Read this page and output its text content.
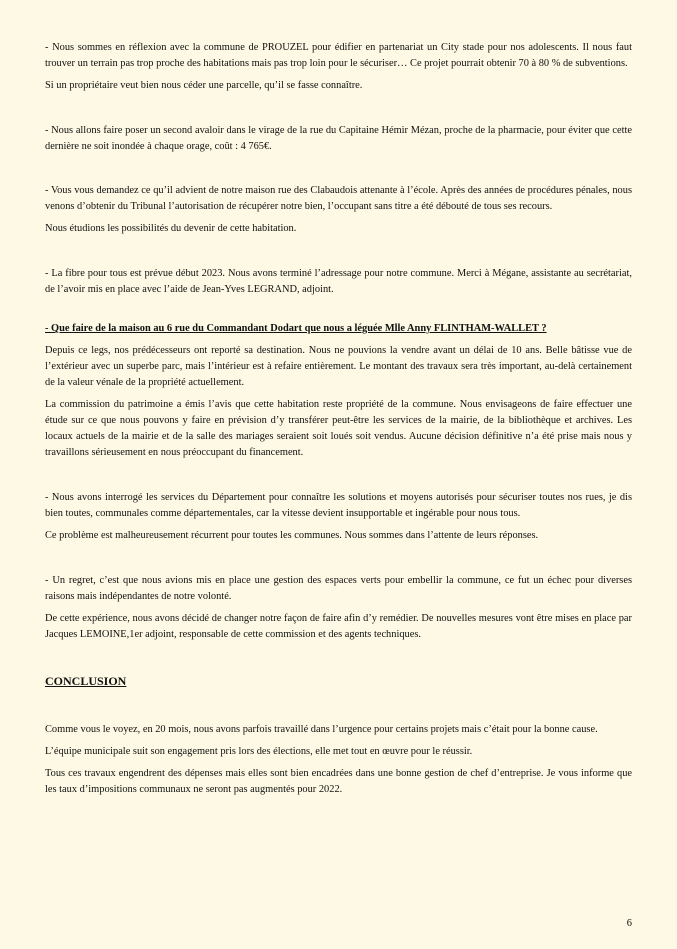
- Nous sommes en réflexion avec la commune de PROUZEL pour édifier en partenariat un City stade pour nos adolescents. Il nous faut trouver un terrain pas trop proche des habitations mais pas trop loin pour le sécuriser… Ce projet pourrait obtenir 70 à 80 % de subventions.

Si un propriétaire veut bien nous céder une parcelle, qu’il se fasse connaître.

- Nous allons faire poser un second avaloir dans le virage de la rue du Capitaine Hémir Mézan, proche de la pharmacie, pour éviter que cette dernière ne soit inondée à chaque orage, coût : 4 765€.

- Vous vous demandez ce qu’il advient de notre maison rue des Clabaudois attenante à l’école. Après des années de procédures pénales, nous venons d’obtenir du Tribunal l’autorisation de récupérer notre bien, l’occupant sans titre a été débouté de tous ses recours.

Nous étudions les possibilités du devenir de cette habitation.

- La fibre pour tous est prévue début 2023. Nous avons terminé l’adressage pour notre commune. Merci à Mégane, assistante au secrétariat, de l’avoir mis en place avec l’aide de Jean-Yves LEGRAND, adjoint.

- Que faire de la maison au 6 rue du Commandant Dodart que nous a léguée Mlle Anny FLINTHAM-WALLET ?

Depuis ce legs, nos prédécesseurs ont reporté sa destination. Nous ne pouvions la vendre avant un délai de 10 ans. Belle bâtisse vue de l’extérieur avec un superbe parc, mais l’intérieur est à refaire entièrement. Le montant des travaux sera très important, au-delà certainement de la valeur vénale de la propriété actuellement.

La commission du patrimoine a émis l’avis que cette habitation reste propriété de la commune. Nous envisageons de faire effectuer une étude sur ce que nous pouvons y faire en prévision d’y transférer peut-être les services de la mairie, de la bibliothèque et archives. Les locaux actuels de la mairie et de la salle des mariages seraient soit loués soit vendus. Aucune décision définitive n’a été prise mais nous y travaillons sérieusement en nous préoccupant du financement.

- Nous avons interrogé les services du Département pour connaître les solutions et moyens autorisés pour sécuriser toutes nos rues, je dis bien toutes, communales comme départementales, car la vitesse devient insupportable et ingérable pour nous tous.

Ce problème est malheureusement récurrent pour toutes les communes. Nous sommes dans l’attente de leurs réponses.

- Un regret, c’est que nous avions mis en place une gestion des espaces verts pour embellir la commune, ce fut un échec pour diverses raisons mais indépendantes de notre volonté.

De cette expérience, nous avons décidé de changer notre façon de faire afin d’y remédier. De nouvelles mesures vont être mises en place par Jacques LEMOINE,1er adjoint, responsable de cette commission et des agents techniques.

CONCLUSION

Comme vous le voyez, en 20 mois, nous avons parfois travaillé dans l’urgence pour certains projets mais c’était pour la bonne cause.

L’équipe municipale suit son engagement pris lors des élections, elle met tout en œuvre pour le réussir.

Tous ces travaux engendrent des dépenses mais elles sont bien encadrées dans une bonne gestion de chef d’entreprise. Je vous informe que les taux d’impositions communaux ne seront pas augmentés pour 2022.

6
